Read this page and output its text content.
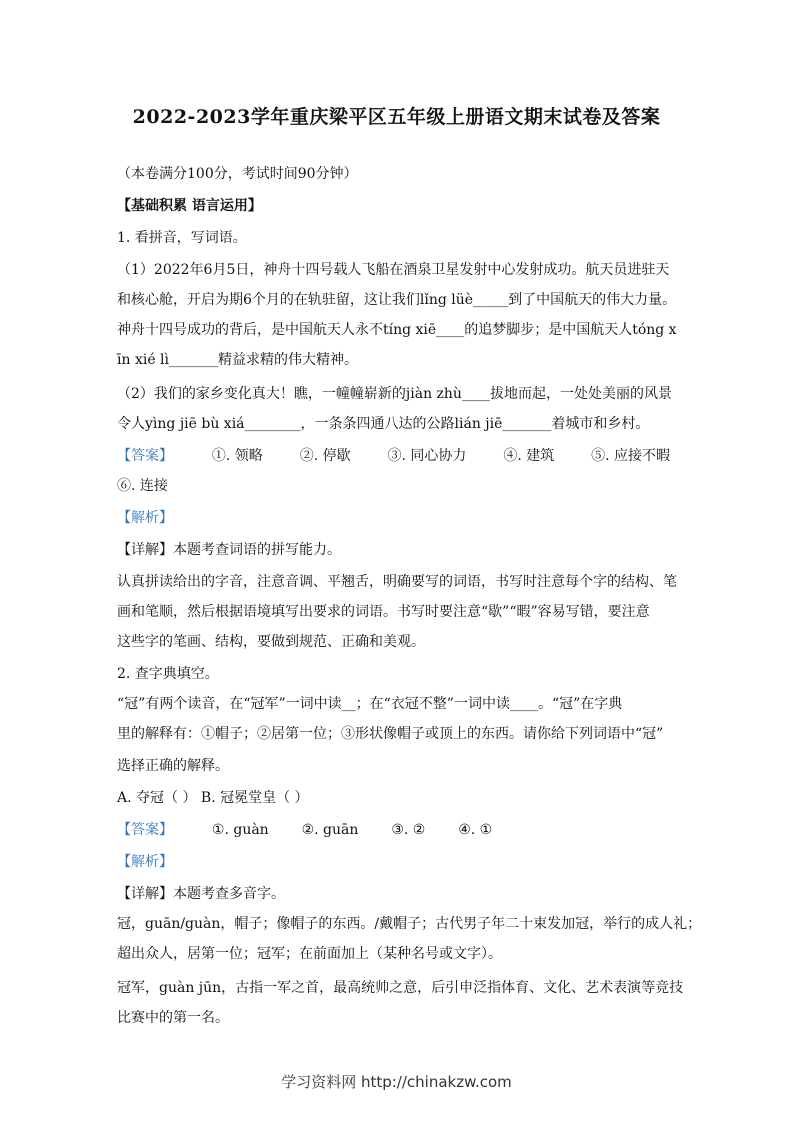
2022-2023学年重庆梁平区五年级上册语文期末试卷及答案
（本卷满分100分，考试时间90分钟）
【基础积累 语言运用】
1. 看拼音，写词语。
（1）2022年6月5日，神舟十四号载人飞船在酒泉卫星发射中心发射成功。航天员进驻天
和核心舱，开启为期6个月的在轨驻留，这让我们lǐng lüè_____到了中国航天的伟大力量。
神舟十四号成功的背后，是中国航天人永不tíng xiē____的追梦脚步；是中国航天人tóng x
īn xié lì_______精益求精的伟大精神。
（2）我们的家乡变化真大！瞧，一幢幢崭新的jiàn zhù____拔地而起，一处处美丽的风景
令人yìng jiē bù xiá________，一条条四通八达的公路lián jiē_______着城市和乡村。
【答案】	①. 领略	②. 停歇	③. 同心协力	④. 建筑	⑤. 应接不暇
⑥. 连接
【解析】
【详解】本题考查词语的拼写能力。
认真拼读给出的字音，注意音调、平翘舌，明确要写的词语，书写时注意每个字的结构、笔
画和笔顺，然后根据语境填写出要求的词语。书写时要注意“歇”“暇”容易写错，要注意
这些字的笔画、结构，要做到规范、正确和美观。
2. 查字典填空。
“冠”有两个读音，在“冠军”一词中读__；在“衣冠不整”一词中读____。“冠”在字典
里的解释有：①帽子；②居第一位；③形状像帽子或顶上的东西。请你给下列词语中“冠”
选择正确的解释。
A. 夺冠（ ） B. 冠冕堂皇（ ）
【答案】	①. guàn ②. guān ③. ② ④. ①
【解析】
【详解】本题考查多音字。
冠，guān/guàn，帽子；像帽子的东西。/戴帽子；古代男子年二十束发加冠，举行的成人礼；
超出众人，居第一位；冠军；在前面加上（某种名号或文字）。
冠军，guàn jūn，古指一军之首，最高统帅之意，后引申泛指体育、文化、艺术表演等竞技
比赛中的第一名。
学习资料网 http://chinakzw.com
